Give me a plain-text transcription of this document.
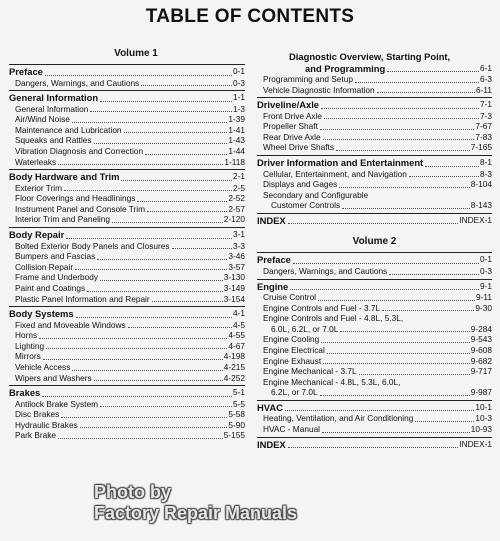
TABLE OF CONTENTS
Volume 1
Preface	0-1
Dangers, Warnings, and Cautions	0-3
General Information	1-1
General Information	1-3
Air/Wind Noise	1-39
Maintenance and Lubrication	1-41
Squeaks and Rattles	1-43
Vibration Diagnosis and Correction	1-44
Waterleaks	1-118
Body Hardware and Trim	2-1
Exterior Trim	2-5
Floor Coverings and Headlinings	2-52
Instrument Panel and Console Trim	2-57
Interior Trim and Paneling	2-120
Body Repair	3-1
Bolted Exterior Body Panels and Closures	3-3
Bumpers and Fascias	3-46
Collision Repair	3-57
Frame and Underbody	3-130
Paint and Coatings	3-149
Plastic Panel Information and Repair	3-154
Body Systems	4-1
Fixed and Moveable Windows	4-5
Horns	4-55
Lighting	4-67
Mirrors	4-198
Vehicle Access	4-215
Wipers and Washers	4-252
Brakes	5-1
Antilock Brake System	5-5
Disc Brakes	5-58
Hydraulic Brakes	5-90
Park Brake	5-155
Diagnostic Overview, Starting Point,
and Programming	6-1
Programming and Setup	6-3
Vehicle Diagnostic Information	6-11
Driveline/Axle	7-1
Front Drive Axle	7-3
Propeller Shaft	7-67
Rear Drive Axle	7-83
Wheel Drive Shafts	7-165
Driver Information and Entertainment	8-1
Cellular, Entertainment, and Navigation	8-3
Displays and Gages	8-104
Secondary and Configurable
Customer Controls	8-143
INDEX	INDEX-1
Volume 2
Preface	0-1
Dangers, Warnings, and Cautions	0-3
Engine	9-1
Cruise Control	9-11
Engine Controls and Fuel - 3.7L	9-30
Engine Controls and Fuel - 4.8L, 5.3L,
6.0L, 6.2L, or 7.0L	9-284
Engine Cooling	9-543
Engine Electrical	9-608
Engine Exhaust	9-682
Engine Mechanical - 3.7L	9-717
Engine Mechanical - 4.8L, 5.3L, 6.0L,
6.2L, or 7.0L	9-987
HVAC	10-1
Heating, Ventilation, and Air Conditioning	10-3
HVAC - Manual	10-93
INDEX	INDEX-1
Photo by
Factory Repair Manuals
